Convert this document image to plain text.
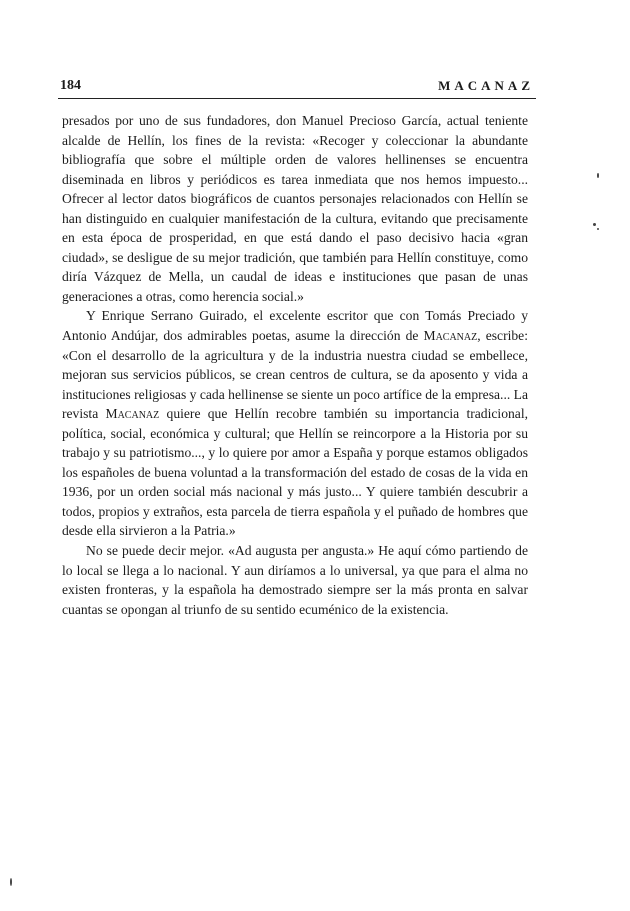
184	MACANAZ

presados por uno de sus fundadores, don Manuel Precioso García, actual teniente alcalde de Hellín, los fines de la revista: «Recoger y coleccionar la abundante bibliografía que sobre el múltiple orden de valores hellinenses se encuentra diseminada en libros y periódicos es tarea inmediata que nos hemos impuesto... Ofrecer al lector datos biográficos de cuantos personajes relacionados con Hellín se han distinguido en cualquier manifestación de la cultura, evitando que precisamente en esta época de prosperidad, en que está dando el paso decisivo hacia «gran ciudad», se desligue de su mejor tradición, que también para Hellín constituye, como diría Vázquez de Mella, un caudal de ideas e instituciones que pasan de unas generaciones a otras, como herencia social.»

Y Enrique Serrano Guirado, el excelente escritor que con Tomás Preciado y Antonio Andújar, dos admirables poetas, asume la dirección de Macanaz, escribe: «Con el desarrollo de la agricultura y de la industria nuestra ciudad se embellece, mejoran sus servicios públicos, se crean centros de cultura, se da aposento y vida a instituciones religiosas y cada hellinense se siente un poco artífice de la empresa... La revista Macanaz quiere que Hellín recobre también su importancia tradicional, política, social, económica y cultural; que Hellín se reincorpore a la Historia por su trabajo y su patriotismo..., y lo quiere por amor a España y porque estamos obligados los españoles de buena voluntad a la transformación del estado de cosas de la vida en 1936, por un orden social más nacional y más justo... Y quiere también descubrir a todos, propios y extraños, esta parcela de tierra española y el puñado de hombres que desde ella sirvieron a la Patria.»

No se puede decir mejor. «Ad augusta per angusta.» He aquí cómo partiendo de lo local se llega a lo nacional. Y aun diríamos a lo universal, ya que para el alma no existen fronteras, y la española ha demostrado siempre ser la más pronta en salvar cuantas se opongan al triunfo de su sentido ecuménico de la existencia.
